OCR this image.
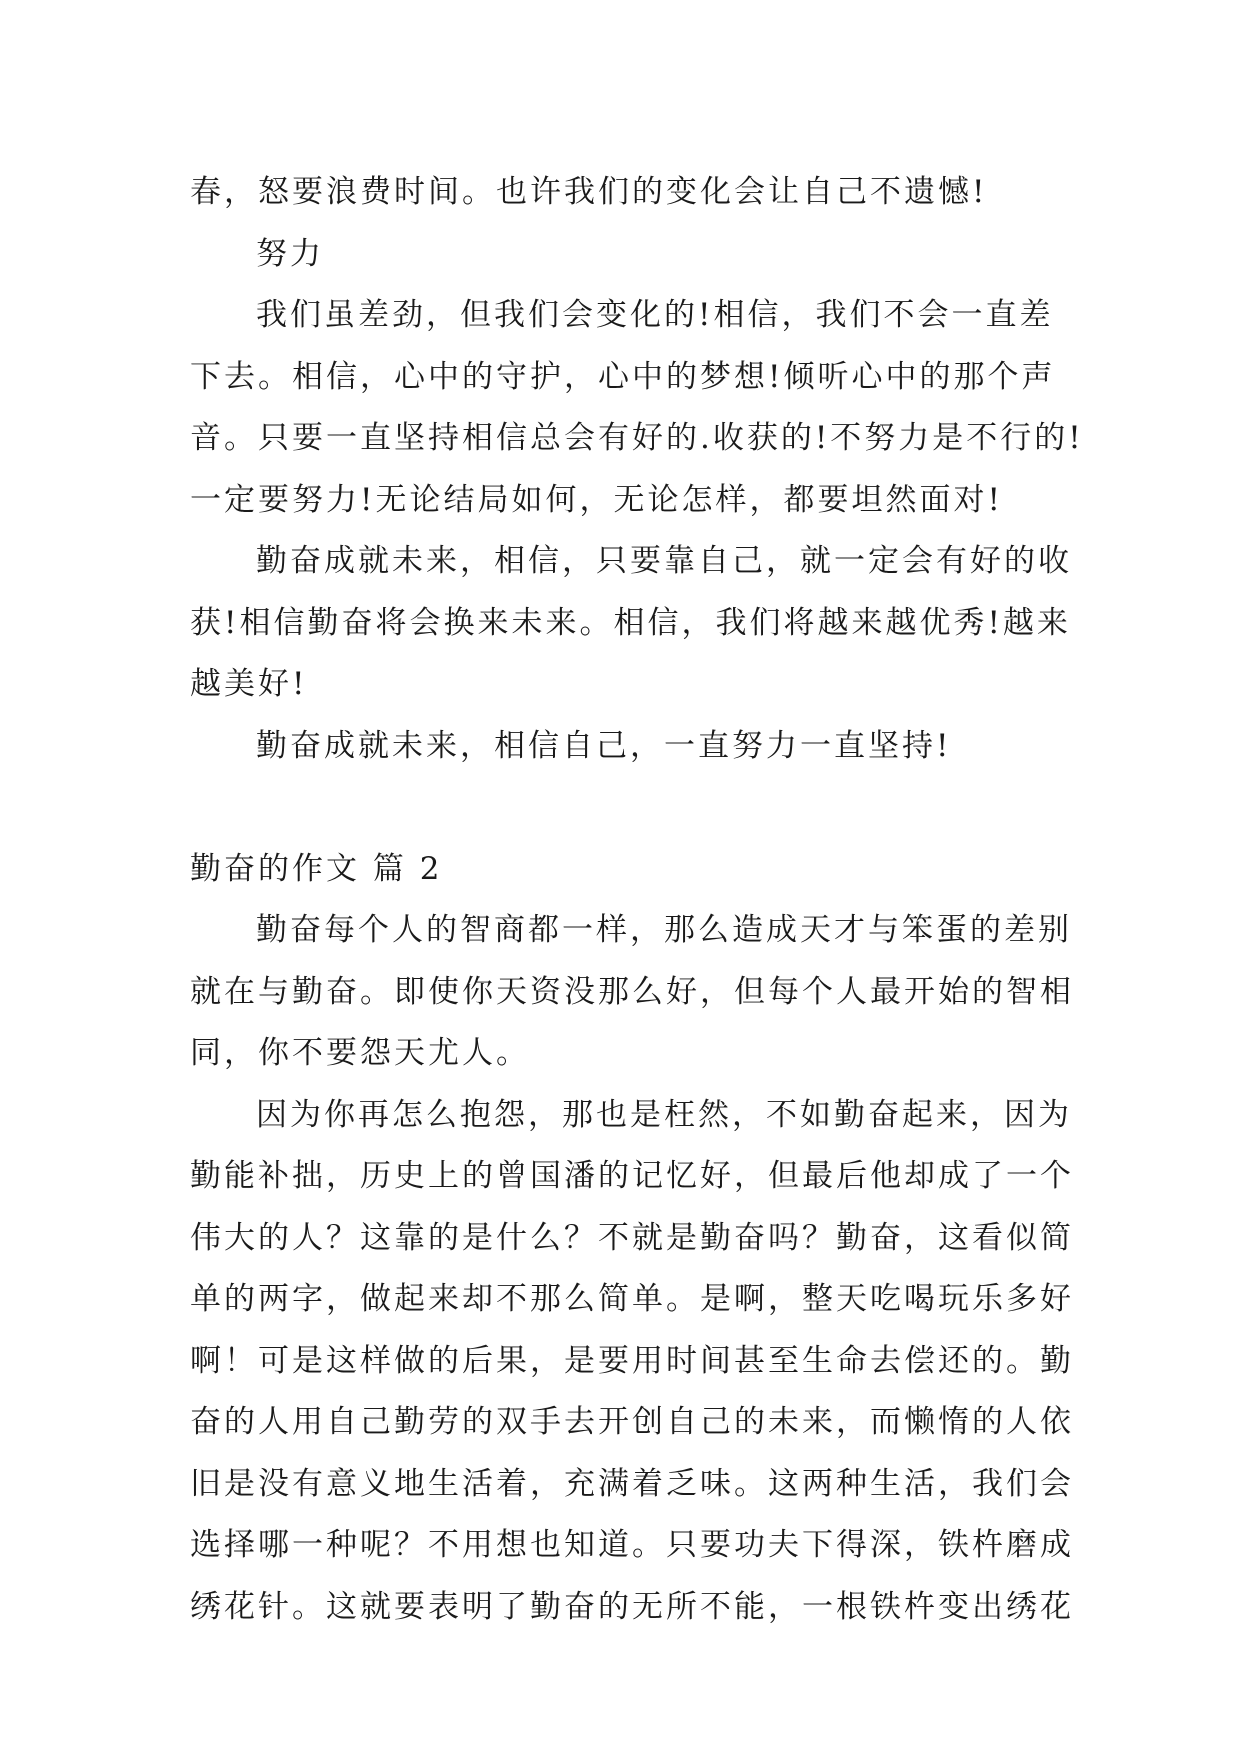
春，怒要浪费时间。也许我们的变化会让自己不遗憾!
努力
我们虽差劲，但我们会变化的!相信，我们不会一直差
下去。相信，心中的守护，心中的梦想!倾听心中的那个声
音。只要一直坚持相信总会有好的.收获的!不努力是不行的!
一定要努力!无论结局如何，无论怎样，都要坦然面对!
勤奋成就未来，相信，只要靠自己，就一定会有好的收
获!相信勤奋将会换来未来。相信，我们将越来越优秀!越来
越美好!
勤奋成就未来，相信自己，一直努力一直坚持!
勤奋的作文 篇 2
勤奋每个人的智商都一样，那么造成天才与笨蛋的差别
就在与勤奋。即使你天资没那么好，但每个人最开始的智相
同，你不要怨天尤人。
因为你再怎么抱怨，那也是枉然，不如勤奋起来，因为
勤能补拙，历史上的曾国潘的记忆好，但最后他却成了一个
伟大的人？这靠的是什么？不就是勤奋吗？勤奋，这看似简
单的两字，做起来却不那么简单。是啊，整天吃喝玩乐多好
啊！可是这样做的后果，是要用时间甚至生命去偿还的。勤
奋的人用自己勤劳的双手去开创自己的未来，而懒惰的人依
旧是没有意义地生活着，充满着乏味。这两种生活，我们会
选择哪一种呢？不用想也知道。只要功夫下得深，铁杵磨成
绣花针。这就要表明了勤奋的无所不能，一根铁杵变出绣花
